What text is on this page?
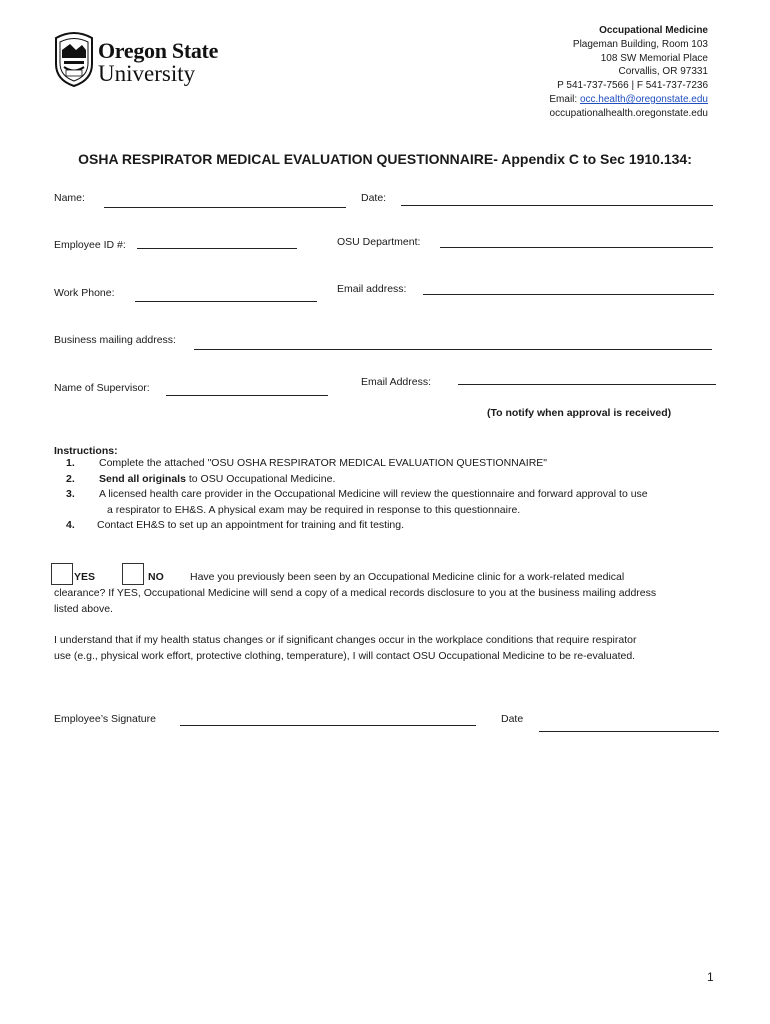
Oregon State
University
Occupational Medicine
Plageman Building, Room 103
108 SW Memorial Place
Corvallis, OR 97331
P 541-737-7566 | F 541-737-7236
Email: occ.health@oregonstate.edu
occupationalhealth.oregonstate.edu
OSHA RESPIRATOR MEDICAL EVALUATION QUESTIONNAIRE- Appendix C to Sec 1910.134:
Name:	Date:
Employee ID #:	OSU Department:
Work Phone:	Email address:
Business mailing address:
Name of Supervisor:	Email Address:
(To notify when approval is received)
Instructions:
1. Complete the attached "OSU OSHA RESPIRATOR MEDICAL EVALUATION QUESTIONNAIRE"
2. Send all originals to OSU Occupational Medicine.
3. A licensed health care provider in the Occupational Medicine will review the questionnaire and forward approval to use
a respirator to EH&S. A physical exam may be required in response to this questionnaire.
4. Contact EH&S to set up an appointment for training and fit testing.
YES	NO	Have you previously been seen by an Occupational Medicine clinic for a work-related medical
clearance? If YES, Occupational Medicine will send a copy of a medical records disclosure to you at the business mailing address
listed above.
I understand that if my health status changes or if significant changes occur in the workplace conditions that require respirator
use (e.g., physical work effort, protective clothing, temperature), I will contact OSU Occupational Medicine to be re-evaluated.
Employee’s Signature	Date
1
